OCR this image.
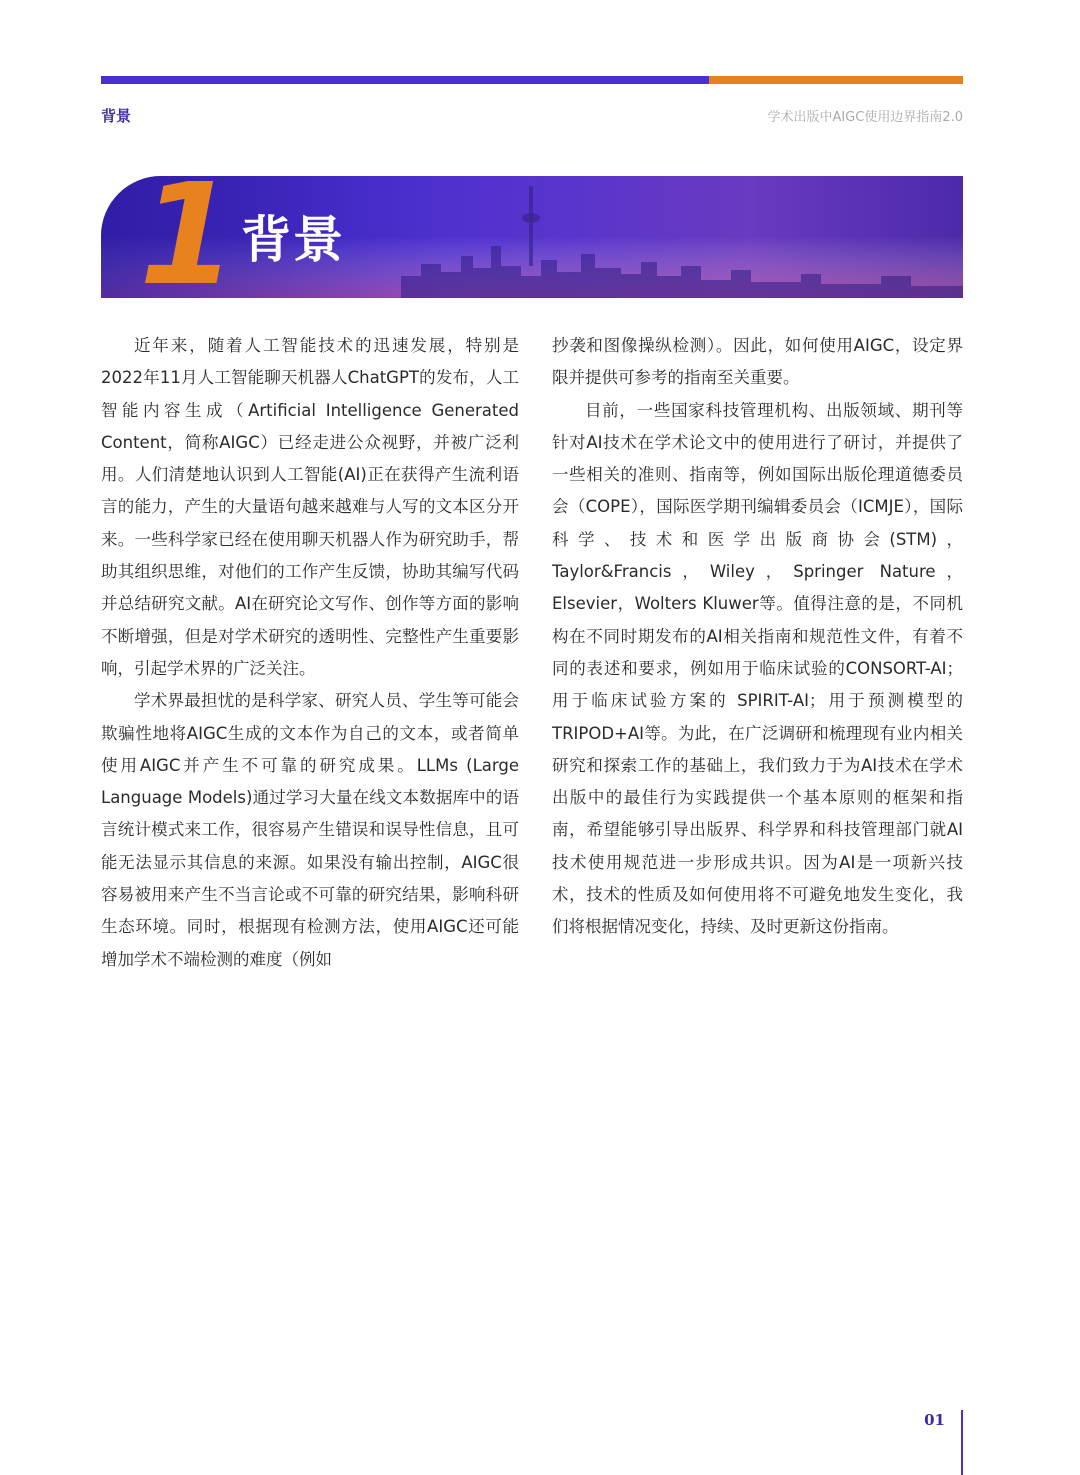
背景	学术出版中AIGC使用边界指南2.0
1 背景

近年来，随着人工智能技术的迅速发展，特别是2022年11月人工智能聊天机器人ChatGPT的发布，人工智能内容生成（Artificial Intelligence Generated Content，简称AIGC）已经走进公众视野，并被广泛利用。人们清楚地认识到人工智能(AI)正在获得产生流利语言的能力，产生的大量语句越来越难与人写的文本区分开来。一些科学家已经在使用聊天机器人作为研究助手，帮助其组织思维，对他们的工作产生反馈，协助其编写代码并总结研究文献。AI在研究论文写作、创作等方面的影响不断增强，但是对学术研究的透明性、完整性产生重要影响，引起学术界的广泛关注。

学术界最担忧的是科学家、研究人员、学生等可能会欺骗性地将AIGC生成的文本作为自己的文本，或者简单使用AIGC并产生不可靠的研究成果。LLMs (Large Language Models)通过学习大量在线文本数据库中的语言统计模式来工作，很容易产生错误和误导性信息，且可能无法显示其信息的来源。如果没有输出控制，AIGC很容易被用来产生不当言论或不可靠的研究结果，影响科研生态环境。同时，根据现有检测方法，使用AIGC还可能增加学术不端检测的难度（例如

抄袭和图像操纵检测）。因此，如何使用AIGC，设定界限并提供可参考的指南至关重要。

目前，一些国家科技管理机构、出版领域、期刊等针对AI技术在学术论文中的使用进行了研讨，并提供了一些相关的准则、指南等，例如国际出版伦理道德委员会（COPE），国际医学期刊编辑委员会（ICMJE），国际科学、技术和医学出版商协会(STM)，Taylor&Francis，Wiley，Springer Nature，Elsevier，Wolters Kluwer等。值得注意的是，不同机构在不同时期发布的AI相关指南和规范性文件，有着不同的表述和要求，例如用于临床试验的CONSORT-AI；用于临床试验方案的 SPIRIT-AI；用于预测模型的TRIPOD+AI等。为此，在广泛调研和梳理现有业内相关研究和探索工作的基础上，我们致力于为AI技术在学术出版中的最佳行为实践提供一个基本原则的框架和指南，希望能够引导出版界、科学界和科技管理部门就AI技术使用规范进一步形成共识。因为AI是一项新兴技术，技术的性质及如何使用将不可避免地发生变化，我们将根据情况变化，持续、及时更新这份指南。

01
